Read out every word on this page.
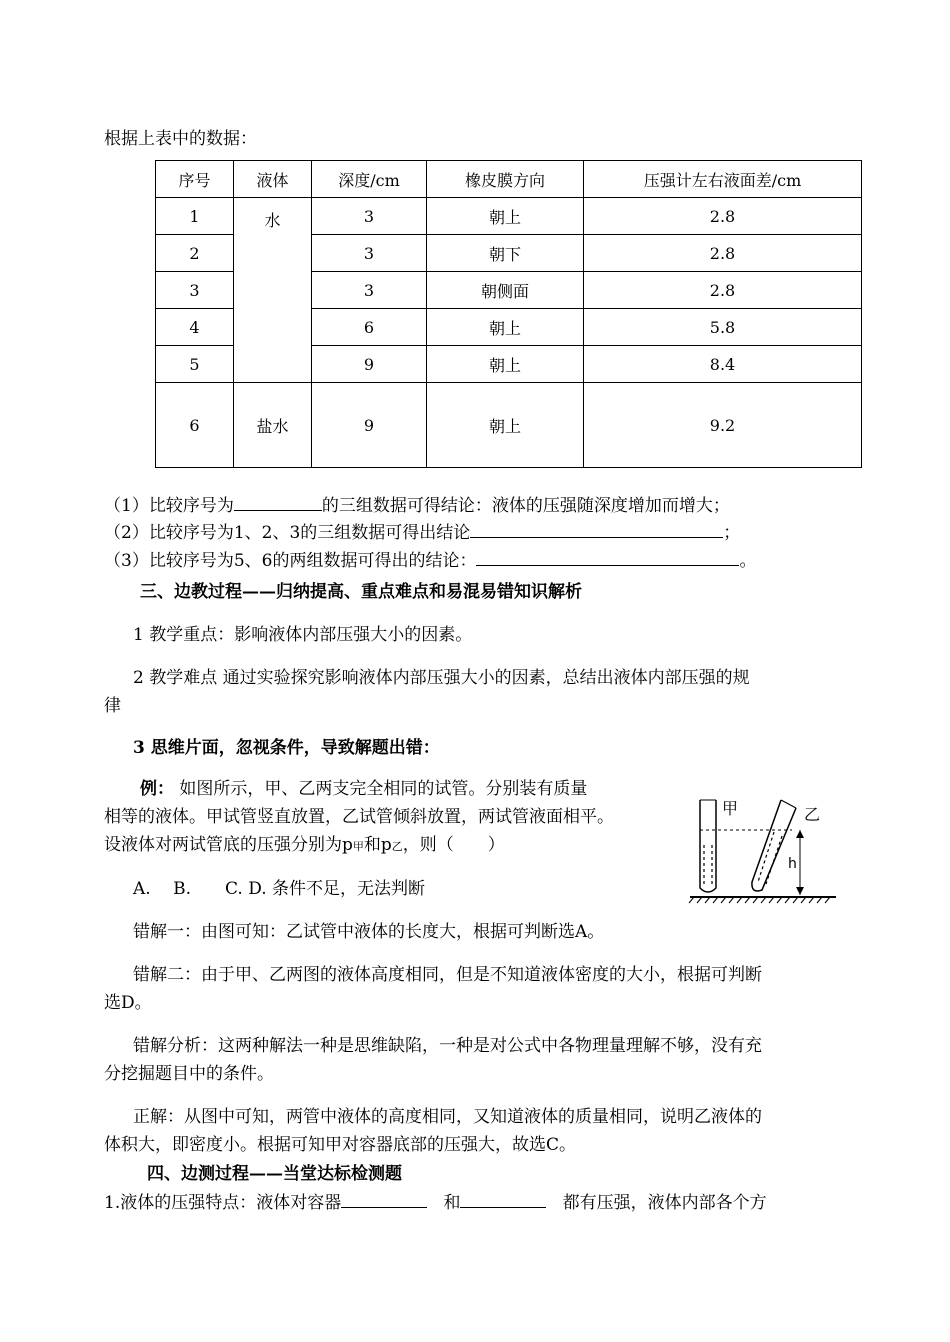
根据上表中的数据：
序号	液体	深度/cm	橡皮膜方向	压强计左右液面差/cm
1	水	3	朝上	2.8
2		3	朝下	2.8
3		3	朝侧面	2.8
4		6	朝上	5.8
5		9	朝上	8.4
6	盐水	9	朝上	9.2
（1）比较序号为	的三组数据可得结论：液体的压强随深度增加而增大；
（2）比较序号为1、2、3的三组数据可得出结论	；
（3）比较序号为5、6的两组数据可得出的结论：	。
三、边教过程——归纳提高、重点难点和易混易错知识解析
1 教学重点：影响液体内部压强大小的因素。
2 教学难点 通过实验探究影响液体内部压强大小的因素，总结出液体内部压强的规
律
3 思维片面，忽视条件，导致解题出错：
例： 如图所示，甲、乙两支完全相同的试管。分别装有质量
相等的液体。甲试管竖直放置，乙试管倾斜放置，两试管液面相平。
设液体对两试管底的压强分别为p甲和p乙，则（　　）
A.　 B.　　C. D. 条件不足，无法判断
甲	乙
h
错解一：由图可知：乙试管中液体的长度大，根据可判断选A。
错解二：由于甲、乙两图的液体高度相同，但是不知道液体密度的大小，根据可判断
选D。
错解分析：这两种解法一种是思维缺陷，一种是对公式中各物理量理解不够，没有充
分挖掘题目中的条件。
正解：从图中可知，两管中液体的高度相同，又知道液体的质量相同，说明乙液体的
体积大，即密度小。根据可知甲对容器底部的压强大，故选C。
四、边测过程——当堂达标检测题
1.液体的压强特点：液体对容器	和	都有压强，液体内部各个方
